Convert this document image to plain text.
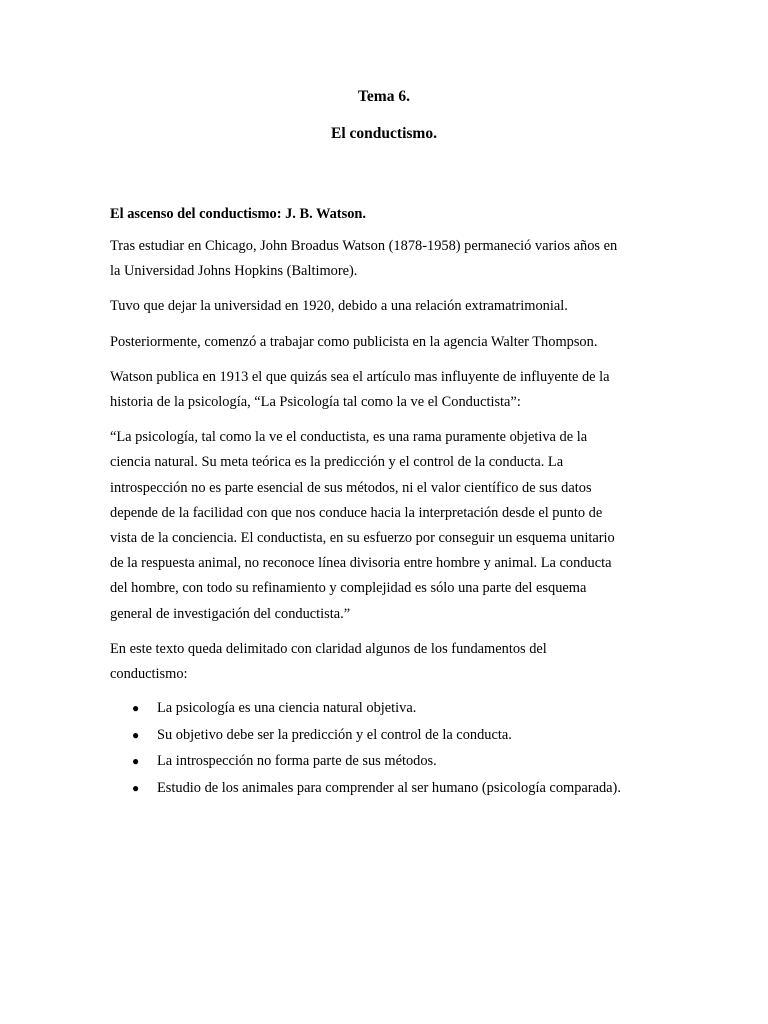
Tema 6.
El conductismo.

El ascenso del conductismo: J. B. Watson.

Tras estudiar en Chicago, John Broadus Watson (1878-1958) permaneció varios años en
la Universidad Johns Hopkins (Baltimore).

Tuvo que dejar la universidad en 1920, debido a una relación extramatrimonial.

Posteriormente, comenzó a trabajar como publicista en la agencia Walter Thompson.

Watson publica en 1913 el que quizás sea el artículo mas influyente de influyente de la
historia de la psicología, “La Psicología tal como la ve el Conductista”:

“La psicología, tal como la ve el conductista, es una rama puramente objetiva de la
ciencia natural. Su meta teórica es la predicción y el control de la conducta. La
introspección no es parte esencial de sus métodos, ni el valor científico de sus datos
depende de la facilidad con que nos conduce hacia la interpretación desde el punto de
vista de la conciencia. El conductista, en su esfuerzo por conseguir un esquema unitario
de la respuesta animal, no reconoce línea divisoria entre hombre y animal. La conducta
del hombre, con todo su refinamiento y complejidad es sólo una parte del esquema
general de investigación del conductista.”

En este texto queda delimitado con claridad algunos de los fundamentos del
conductismo:

● La psicología es una ciencia natural objetiva.
● Su objetivo debe ser la predicción y el control de la conducta.
● La introspección no forma parte de sus métodos.
● Estudio de los animales para comprender al ser humano (psicología comparada).
